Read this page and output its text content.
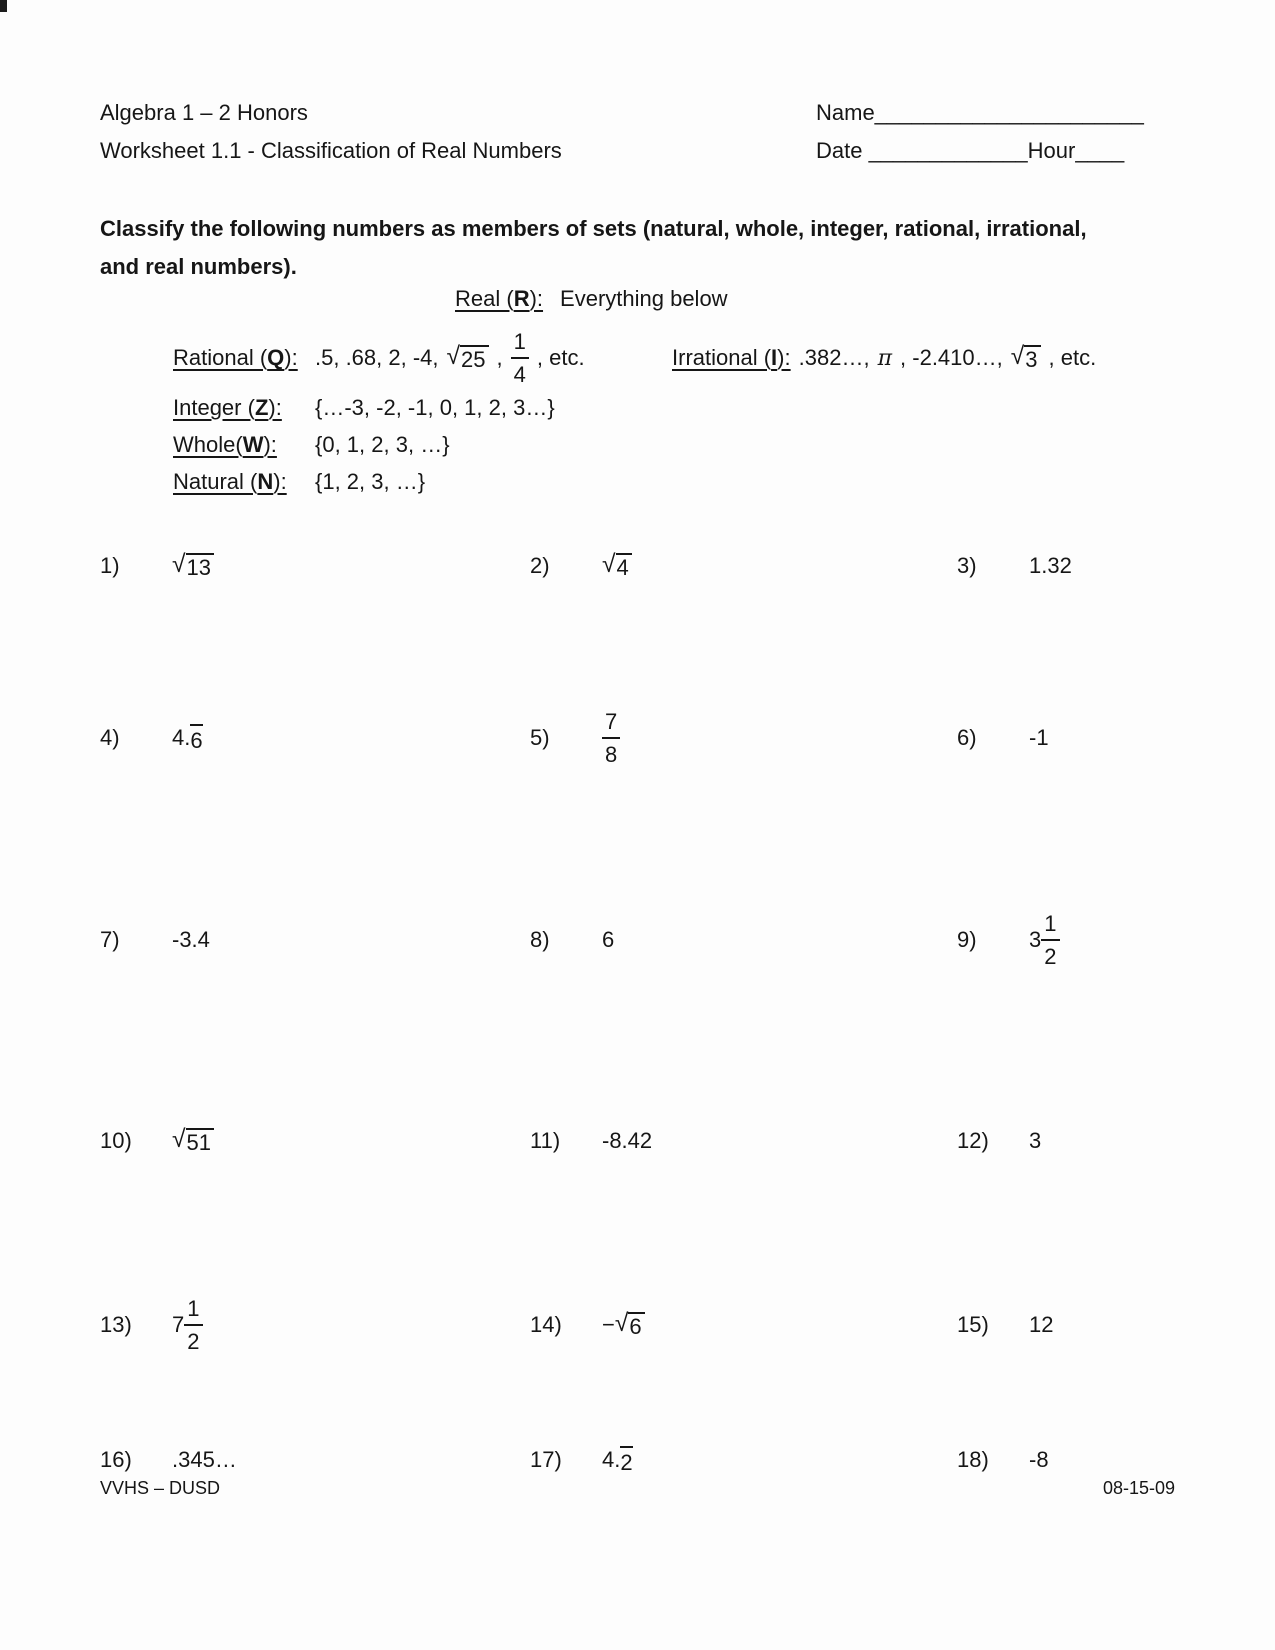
Algebra 1 – 2 Honors
Worksheet 1.1 - Classification of Real Numbers
Name______________________
Date _____________Hour____
Classify the following numbers as members of sets (natural, whole, integer, rational, irrational,
and real numbers).
Real (R): Everything below
Rational (Q): .5, .68, 2, -4, √ 25 , $\frac{1}{4}$ , etc.	Irrational (I): .382…, π , -2.410…, √ 3 , etc.
Integer (Z):	{…-3, -2, -1, 0, 1, 2, 3…}
Whole(W):	{0, 1, 2, 3, …}
Natural (N):	{1, 2, 3, …}
1)	√ 13	2)	√ 4	3)	1.32
4)	4. 6	5)	$\frac{7}{8}$	6)	-1
7)	-3.4	8)	6	9)	$3 \frac{1}{2}$
10)	√ 51	11)	-8.42	12)	3
13)	$7 \frac{1}{2}$	14)	− √ 6	15)	12
16)	.345…	17)	4. 2	18)	-8
VVHS – DUSD	08-15-09
